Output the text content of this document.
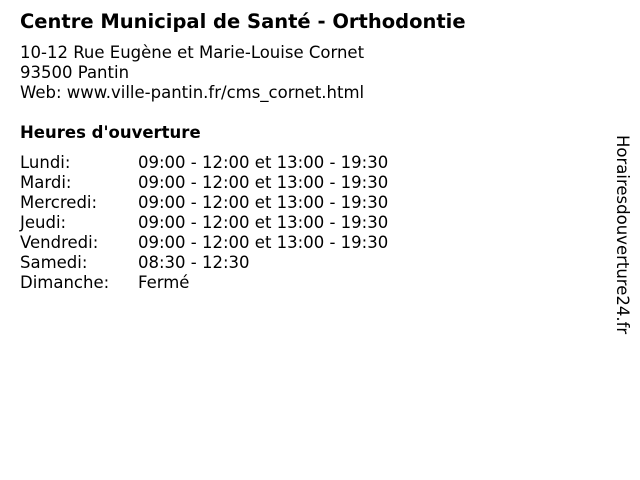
Centre Municipal de Santé - Orthodontie
10-12 Rue Eugène et Marie-Louise Cornet
93500 Pantin
Web: www.ville-pantin.fr/cms_cornet.html
Heures d'ouverture
Lundi:	09:00 - 12:00 et 13:00 - 19:30
Mardi:	09:00 - 12:00 et 13:00 - 19:30
Mercredi: 09:00 - 12:00 et 13:00 - 19:30
Jeudi:	09:00 - 12:00 et 13:00 - 19:30
Vendredi: 09:00 - 12:00 et 13:00 - 19:30
Samedi:	08:30 - 12:30
Dimanche: Fermé	Horairesdouverture24.fr
